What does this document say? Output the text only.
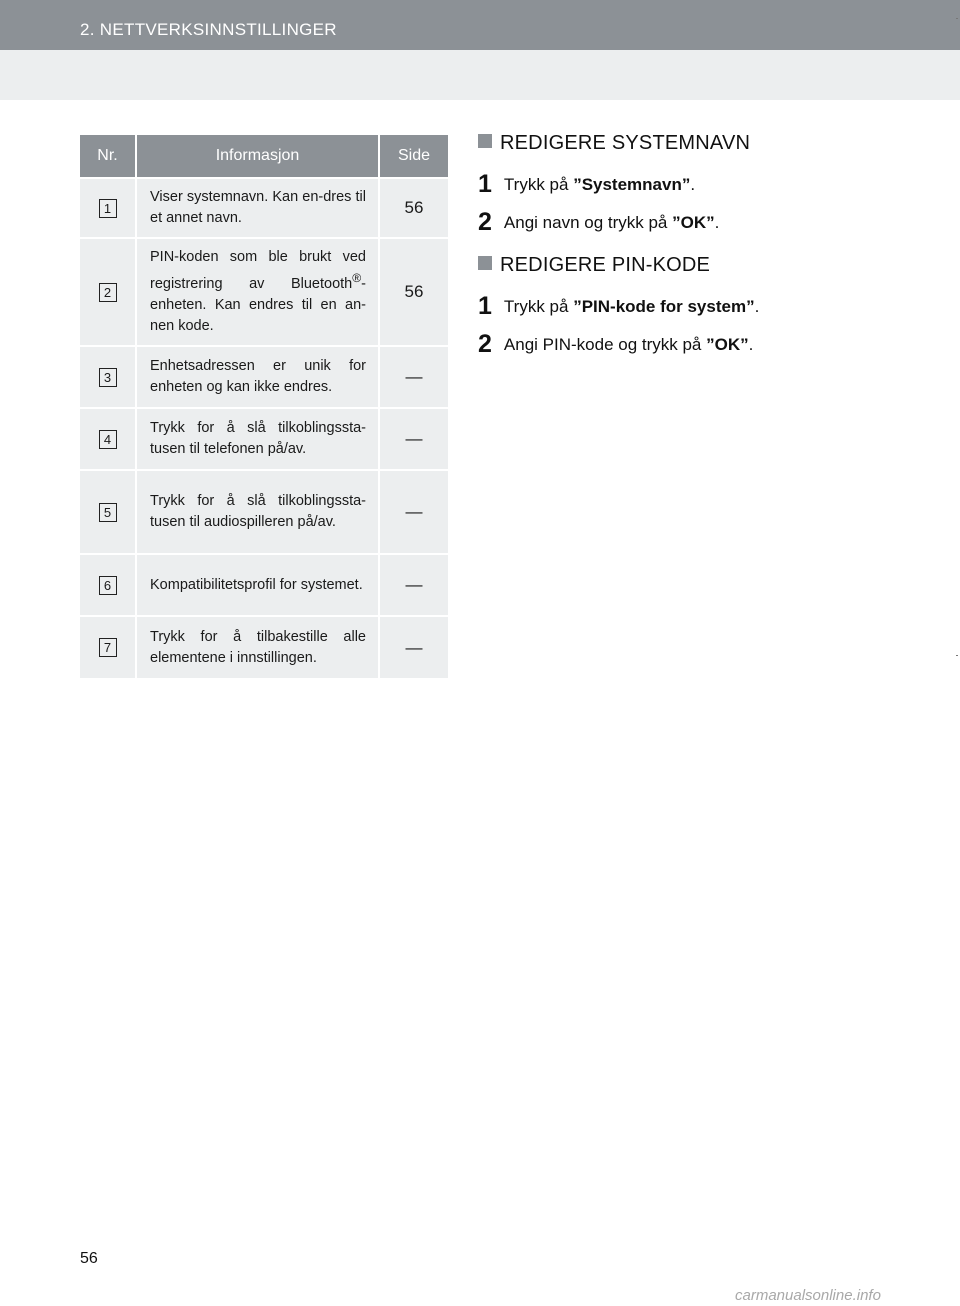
2. NETTVERKSINNSTILLINGER
Nr.	Informasjon	Side

1	Viser systemnavn. Kan en-dres til et annet navn.	56

2	PIN-koden som ble brukt ved registrering av Bluetooth®-enheten. Kan endres til en an-nen kode.	56

3	Enhetsadressen er unik for enheten og kan ikke endres.	—

4	Trykk for å slå tilkoblingssta-tusen til telefonen på/av.	—

5	Trykk for å slå tilkoblingssta-tusen til audiospilleren på/av.	—

6	Kompatibilitetsprofil for systemet.	—

7	Trykk for å tilbakestille alle elementene i innstillingen.	—
REDIGERE SYSTEMNAVN
1 Trykk på ”Systemnavn”.
2 Angi navn og trykk på ”OK”.
REDIGERE PIN-KODE
1 Trykk på ”PIN-kode for system”.
2 Angi PIN-kode og trykk på ”OK”.
56
carmanualsonline.info
